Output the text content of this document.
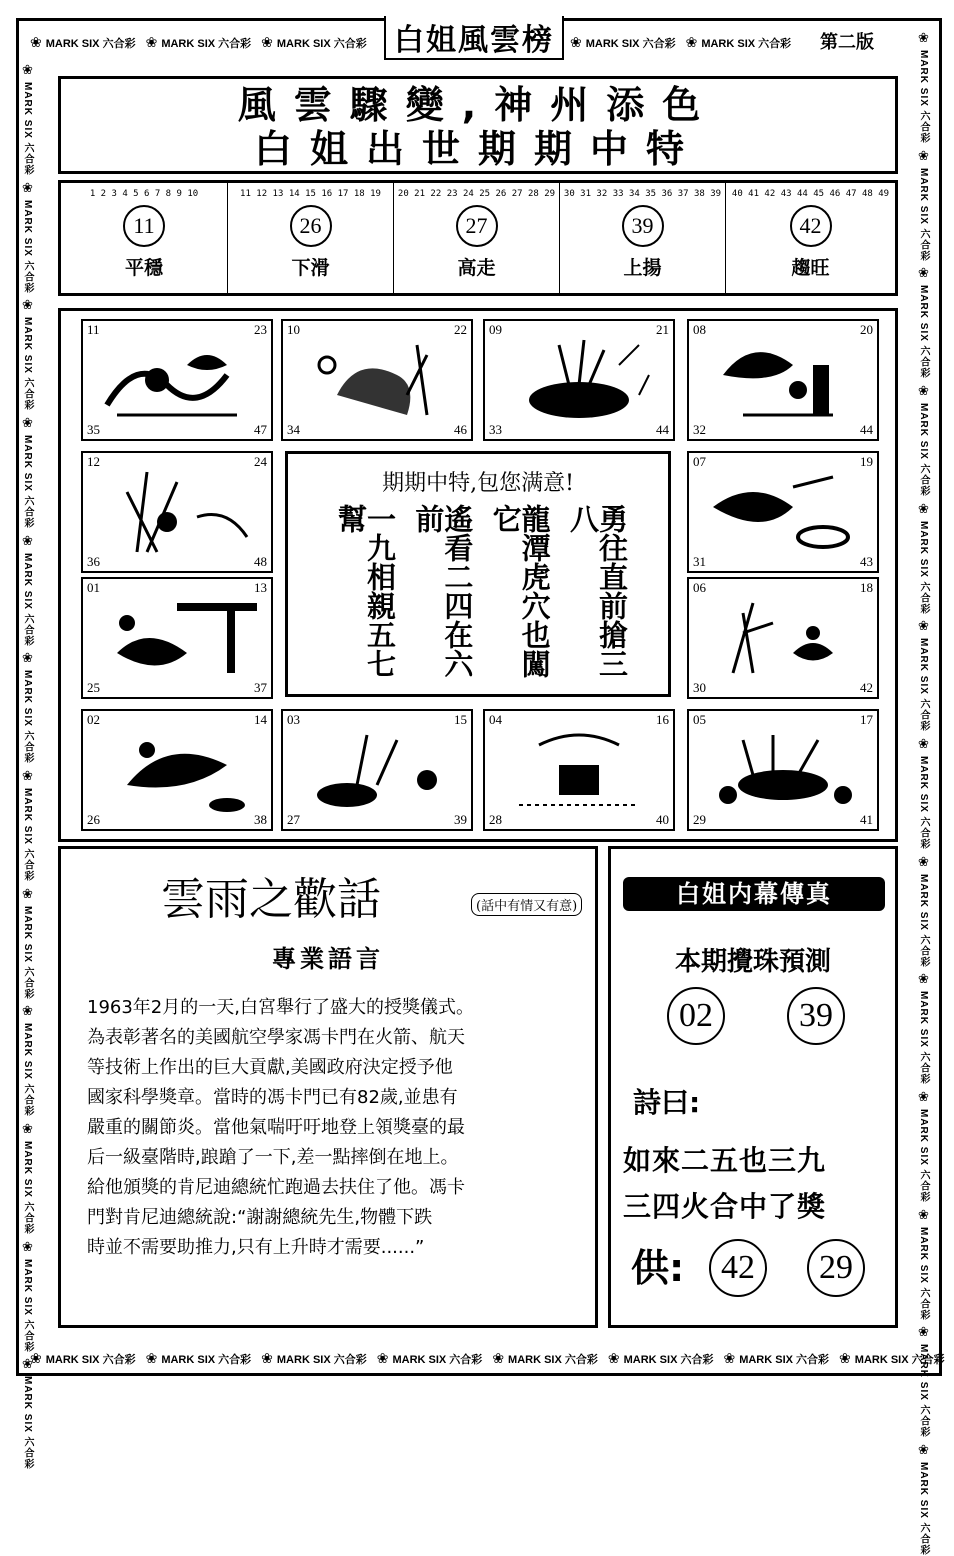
❀ MARK SIX 六合彩 ❀ MARK SIX 六合彩 ❀ MARK SIX 六合彩	❀ MARK SIX 六合彩 ❀ MARK SIX 六合彩
白姐風雲榜	第二版
❀
MARK SIX 六合彩
❀
MARK SIX 六合彩
❀
MARK SIX 六合彩
❀
MARK SIX 六合彩
❀
MARK SIX 六合彩
❀
MARK SIX 六合彩
❀
MARK SIX 六合彩
❀
MARK SIX 六合彩
❀
MARK SIX 六合彩
❀
MARK SIX 六合彩
❀
MARK SIX 六合彩
❀
MARK SIX 六合彩
❀
MARK SIX 六合彩
❀
MARK SIX 六合彩
❀
MARK SIX 六合彩
❀
MARK SIX 六合彩
❀
MARK SIX 六合彩
❀
MARK SIX 六合彩
❀
MARK SIX 六合彩
❀
MARK SIX 六合彩
❀
MARK SIX 六合彩
❀
MARK SIX 六合彩
❀
MARK SIX 六合彩
❀
MARK SIX 六合彩
❀
MARK SIX 六合彩
❀ MARK SIX 六合彩 ❀ MARK SIX 六合彩 ❀ MARK SIX 六合彩 ❀ MARK SIX 六合彩 ❀ MARK SIX 六合彩 ❀ MARK SIX 六合彩 ❀ MARK SIX 六合彩 ❀ MARK SIX 六合彩
風雲驟變,神州添色
白姐出世期期中特
1 2 3 4 5 6 7 8 9 10
11
平穩
11 12 13 14 15 16 17 18 19
26
下滑
20 21 22 23 24 25 26 27 28 29
27
高走
30 31 32 33 34 35 36 37 38 39
39
上揚
40 41 42 43 44 45 46 47 48 49
42
趨旺
11	23
35	47
10	22
34	46
09	21
33	44
08	20
32	44
12	24
36	48
07	19
31	43
01	13
25	37
06	18
30	42
02	14
26	38
03	15
27	39
04	16
28	40
05	17
29	41
期期中特,包您满意!
勇往直前搶三八
龍潭虎穴也闖它
遙看二四在六前
一九相親五七幫
雲雨之歡話	(話中有情又有意)
專業語言
1963年2月的一天,白宮舉行了盛大的授獎儀式。
為表彰著名的美國航空學家馮卡門在火箭、航天
等技術上作出的巨大貢獻,美國政府決定授予他
國家科學獎章。當時的馮卡門已有82歲,並患有
嚴重的關節炎。當他氣喘吁吁地登上領獎臺的最
后一級臺階時,踉蹌了一下,差一點摔倒在地上。
給他頒獎的肯尼迪總統忙跑過去扶住了他。馮卡
門對肯尼迪總統說:“謝謝總統先生,物體下跌
時並不需要助推力,只有上升時才需要......”
白姐内幕傳真
本期攪珠預測
02	39
詩曰:
如來二五也三九
三四火合中了獎
供:	42	29
